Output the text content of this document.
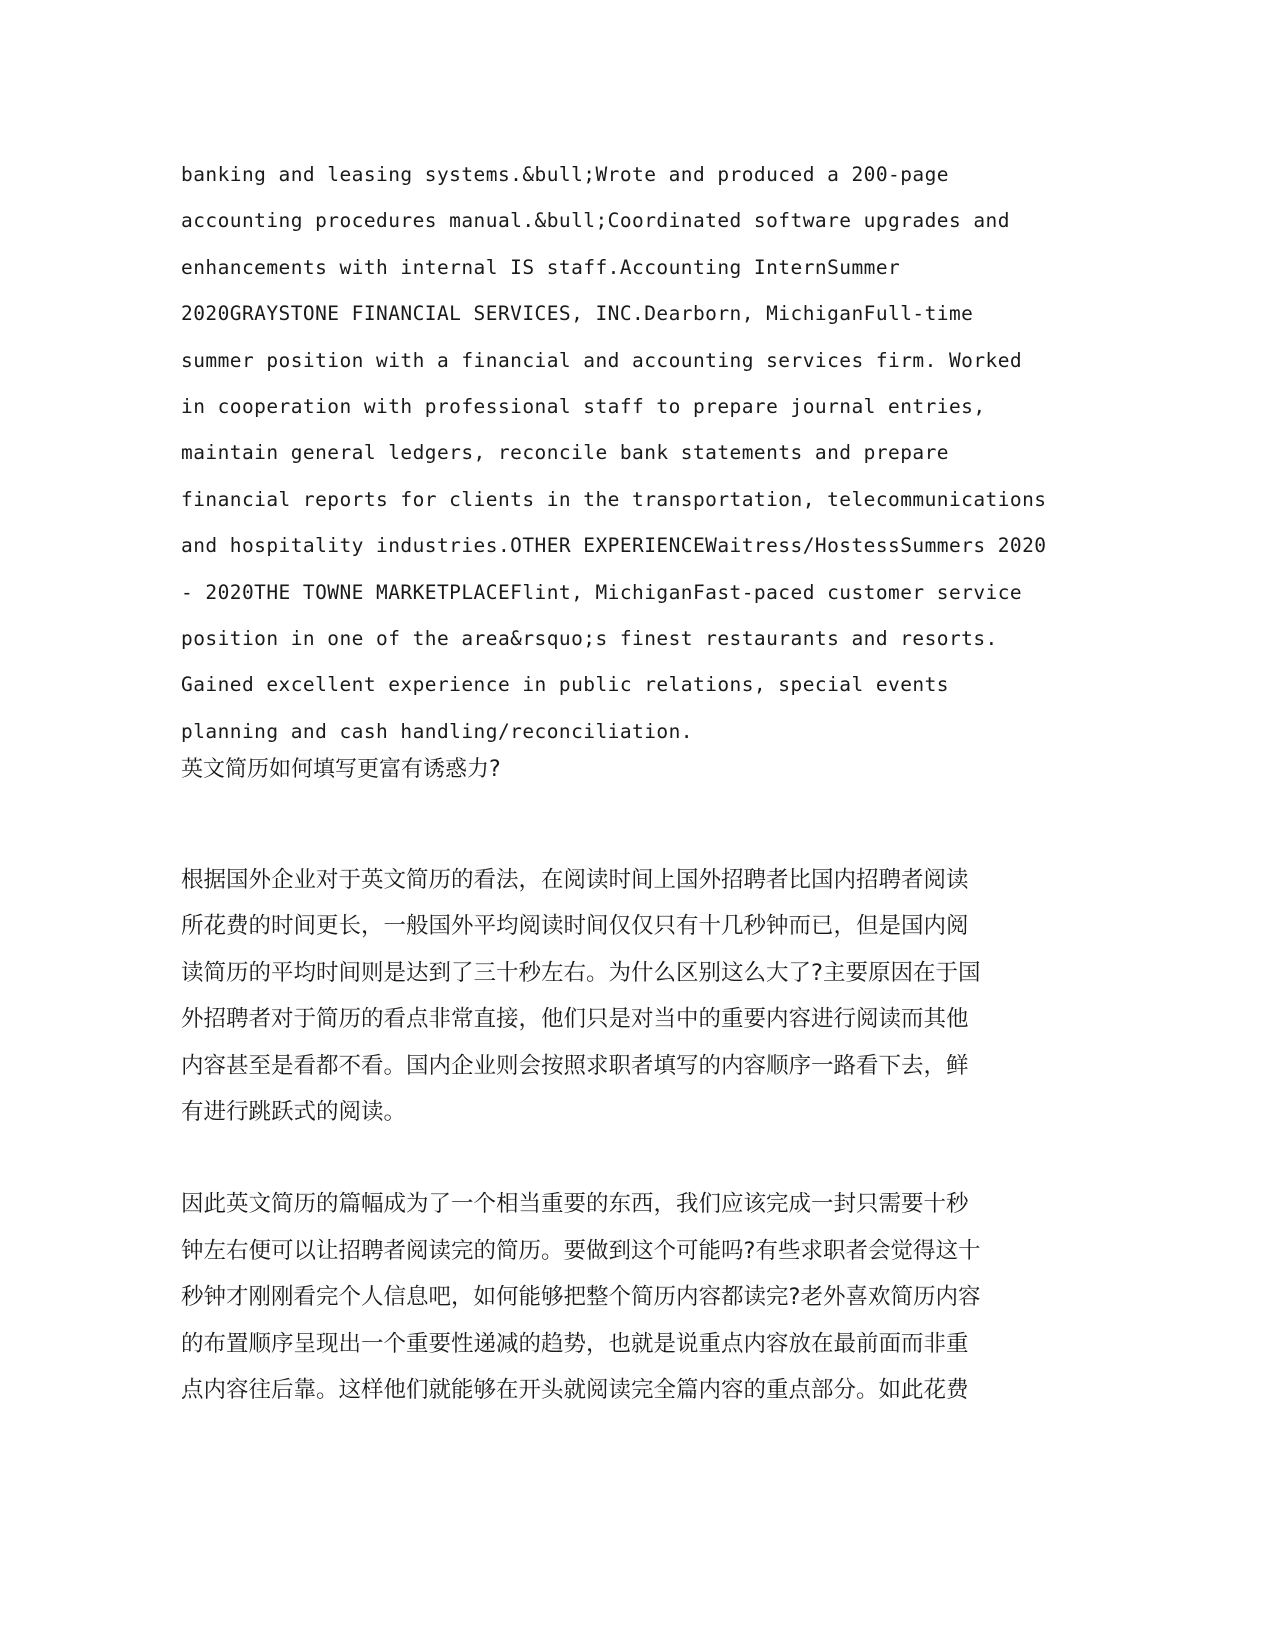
banking and leasing systems.&bull;Wrote and produced a 200-page
accounting procedures manual.&bull;Coordinated software upgrades and
enhancements with internal IS staff.Accounting InternSummer
2020GRAYSTONE FINANCIAL SERVICES, INC.Dearborn, MichiganFull-time
summer position with a financial and accounting services firm. Worked
in cooperation with professional staff to prepare journal entries,
maintain general ledgers, reconcile bank statements and prepare
financial reports for clients in the transportation, telecommunications
and hospitality industries.OTHER EXPERIENCEWaitress/HostessSummers 2020
- 2020THE TOWNE MARKETPLACEFlint, MichiganFast-paced customer service
position in one of the area&rsquo;s finest restaurants and resorts.
Gained excellent experience in public relations, special events
planning and cash handling/reconciliation.
英文简历如何填写更富有诱惑力?
根据国外企业对于英文简历的看法，在阅读时间上国外招聘者比国内招聘者阅读
所花费的时间更长，一般国外平均阅读时间仅仅只有十几秒钟而已，但是国内阅
读简历的平均时间则是达到了三十秒左右。为什么区别这么大了?主要原因在于国
外招聘者对于简历的看点非常直接，他们只是对当中的重要内容进行阅读而其他
内容甚至是看都不看。国内企业则会按照求职者填写的内容顺序一路看下去，鲜
有进行跳跃式的阅读。
因此英文简历的篇幅成为了一个相当重要的东西，我们应该完成一封只需要十秒
钟左右便可以让招聘者阅读完的简历。要做到这个可能吗?有些求职者会觉得这十
秒钟才刚刚看完个人信息吧，如何能够把整个简历内容都读完?老外喜欢简历内容
的布置顺序呈现出一个重要性递减的趋势，也就是说重点内容放在最前面而非重
点内容往后靠。这样他们就能够在开头就阅读完全篇内容的重点部分。如此花费
